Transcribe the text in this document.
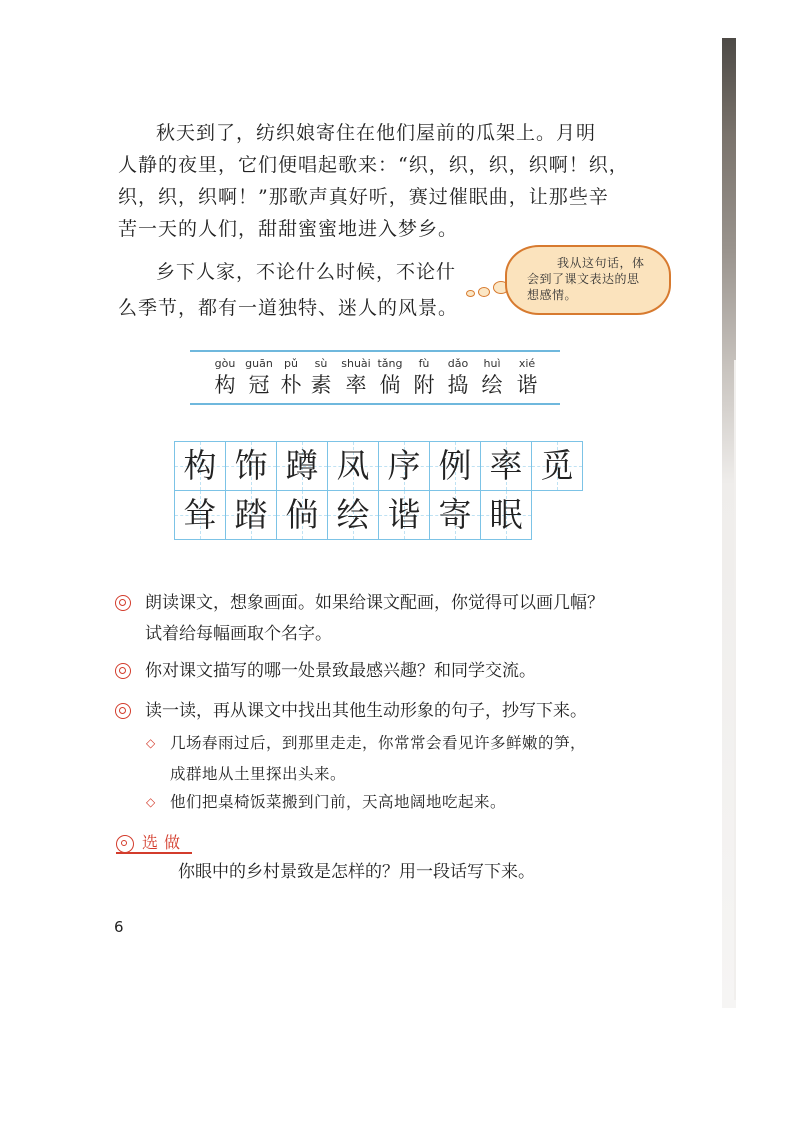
秋天到了，纺织娘寄住在他们屋前的瓜架上。月明
人静的夜里，它们便唱起歌来：“织，织，织，织啊！织，
织，织，织啊！”那歌声真好听，赛过催眠曲，让那些辛
苦一天的人们，甜甜蜜蜜地进入梦乡。
乡下人家，不论什么时候，不论什
么季节，都有一道独特、迷人的风景。
我从这句话，体
会到了课文表达的思
想感情。
gòu
构
guān
冠
pǔ
朴
sù
素
shuài
率
tǎng
倘
fù
附
dǎo
捣
huì
绘
xié
谐
构 饰 蹲 凤 序 例 率 觅
耸 踏 倘 绘 谐 寄 眠
朗读课文，想象画面。如果给课文配画，你觉得可以画几幅？
试着给每幅画取个名字。
你对课文描写的哪一处景致最感兴趣？和同学交流。
读一读，再从课文中找出其他生动形象的句子，抄写下来。
◇ 几场春雨过后，到那里走走，你常常会看见许多鲜嫩的笋，
成群地从土里探出头来。
◇ 他们把桌椅饭菜搬到门前，天高地阔地吃起来。
选做
你眼中的乡村景致是怎样的？用一段话写下来。
6
